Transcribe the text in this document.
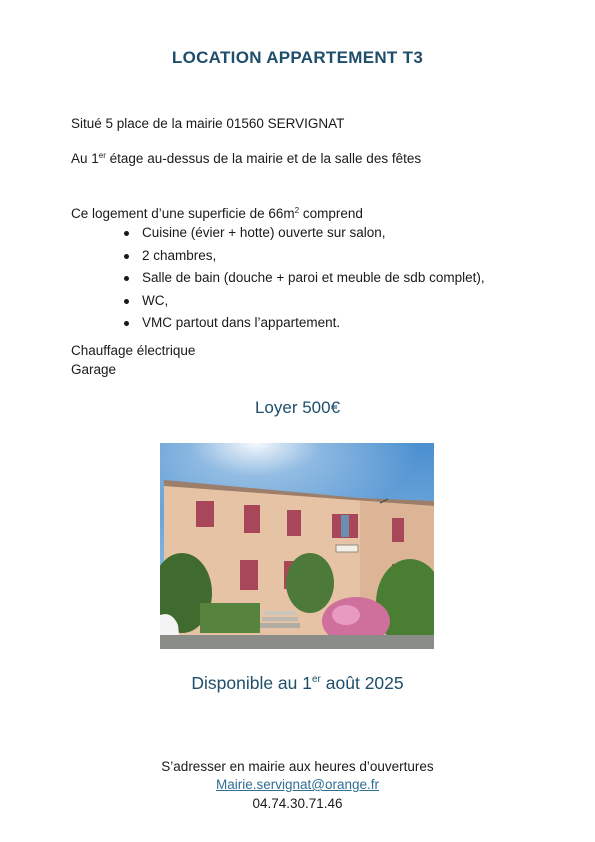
LOCATION APPARTEMENT T3
Situé 5 place de la mairie 01560 SERVIGNAT
Au 1er étage au-dessus de la mairie et de la salle des fêtes
Ce logement d’une superficie de $66m^2$ comprend
Cuisine (évier + hotte) ouverte sur salon,
2 chambres,
Salle de bain (douche + paroi et meuble de sdb complet),
WC,
VMC partout dans l’appartement.
Chauffage électrique
Garage
Loyer 500€
Disponible au 1er août 2025
S’adresser en mairie aux heures d’ouvertures
Mairie.servignat@orange.fr
04.74.30.71.46
